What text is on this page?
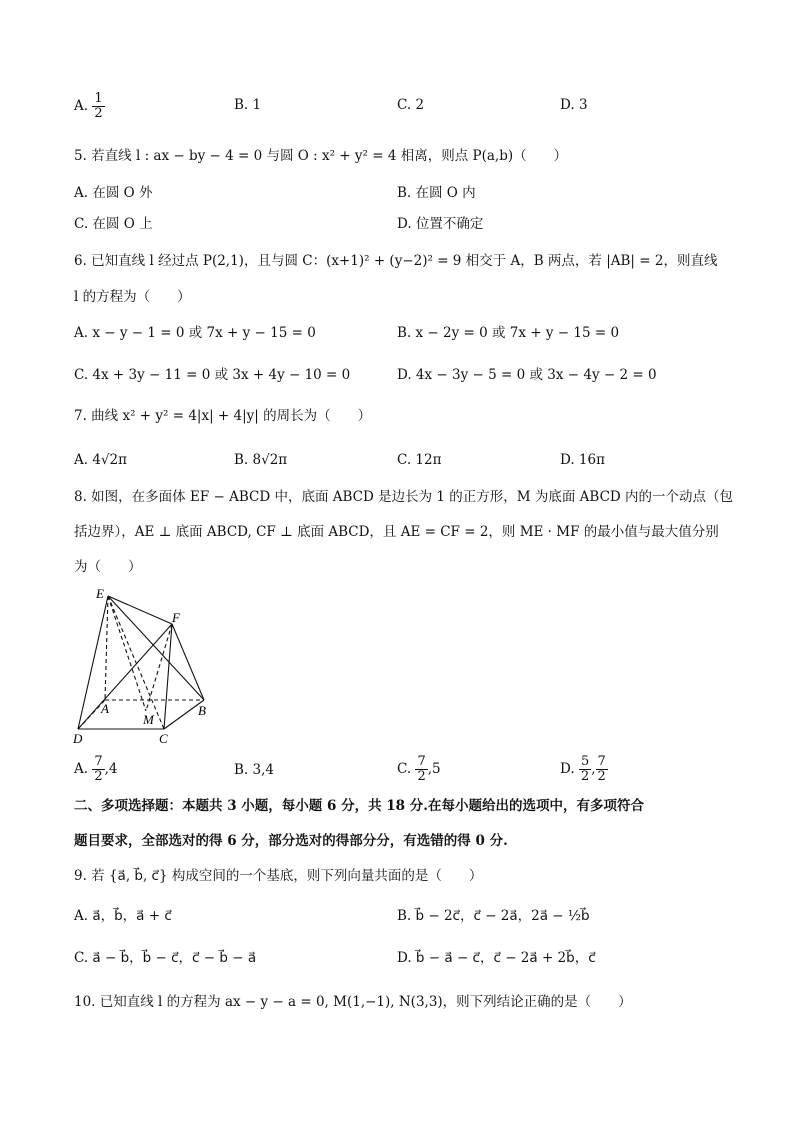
A. $\frac{1}{2}$	B. 1	C. 2	D. 3
5. 若直线 l : ax − by − 4 = 0 与圆 O : x² + y² = 4 相离，则点 P(a,b)（　　）
A. 在圆 O 外	B. 在圆 O 内
C. 在圆 O 上	D. 位置不确定
6. 已知直线 l 经过点 P(2,1)，且与圆 C：(x+1)² + (y−2)² = 9 相交于 A，B 两点，若 |AB| = 2，则直线
l 的方程为（　　）
A. x − y − 1 = 0 或 7x + y − 15 = 0	B. x − 2y = 0 或 7x + y − 15 = 0
C. 4x + 3y − 11 = 0 或 3x + 4y − 10 = 0	D. 4x − 3y − 5 = 0 或 3x − 4y − 2 = 0
7. 曲线 x² + y² = 4|x| + 4|y| 的周长为（　　）
A. 4√2π	B. 8√2π	C. 12π	D. 16π
8. 如图，在多面体 EF − ABCD 中，底面 ABCD 是边长为 1 的正方形，M 为底面 ABCD 内的一个动点（包
括边界），AE ⊥ 底面 ABCD, CF ⊥ 底面 ABCD，且 AE = CF = 2，则 ME · MF 的最小值与最大值分别
为（　　）
E
F
A
M
B
D	C
A. $\frac{7}{2} ,4$	B. 3,4	C. $\frac{7}{2} ,5$	D. $\frac{5}{2}$ , $\frac{7}{2}$
二、多项选择题：本题共 3 小题，每小题 6 分，共 18 分.在每小题给出的选项中，有多项符合
题目要求，全部选对的得 6 分，部分选对的得部分分，有选错的得 0 分.
9. 若 {a⃗, b⃗, c⃗} 构成空间的一个基底，则下列向量共面的是（　　）
A. a⃗，b⃗，a⃗ + c⃗	B. b⃗ − 2c⃗，c⃗ − 2a⃗，2a⃗ − ½b⃗
C. a⃗ − b⃗，b⃗ − c⃗，c⃗ − b⃗ − a⃗	D. b⃗ − a⃗ − c⃗，c⃗ − 2a⃗ + 2b⃗，c⃗
10. 已知直线 l 的方程为 ax − y − a = 0, M(1,−1), N(3,3)，则下列结论正确的是（　　）
